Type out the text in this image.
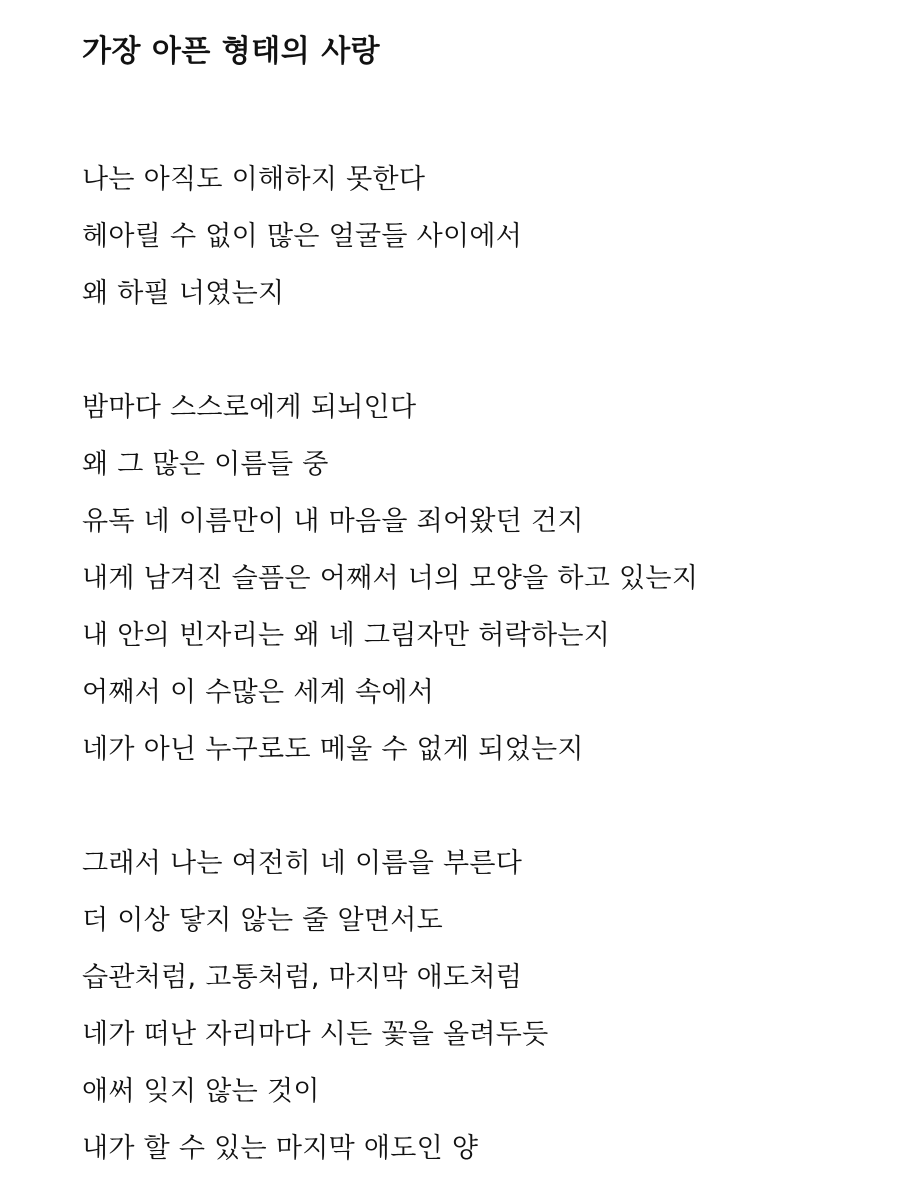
가장 아픈 형태의 사랑
나는 아직도 이해하지 못한다
헤아릴 수 없이 많은 얼굴들 사이에서
왜 하필 너였는지
밤마다 스스로에게 되뇌인다
왜 그 많은 이름들 중
유독 네 이름만이 내 마음을 죄어왔던 건지
내게 남겨진 슬픔은 어째서 너의 모양을 하고 있는지
내 안의 빈자리는 왜 네 그림자만 허락하는지
어째서 이 수많은 세계 속에서
네가 아닌 누구로도 메울 수 없게 되었는지
그래서 나는 여전히 네 이름을 부른다
더 이상 닿지 않는 줄 알면서도
습관처럼, 고통처럼, 마지막 애도처럼
네가 떠난 자리마다 시든 꽃을 올려두듯
애써 잊지 않는 것이
내가 할 수 있는 마지막 애도인 양
